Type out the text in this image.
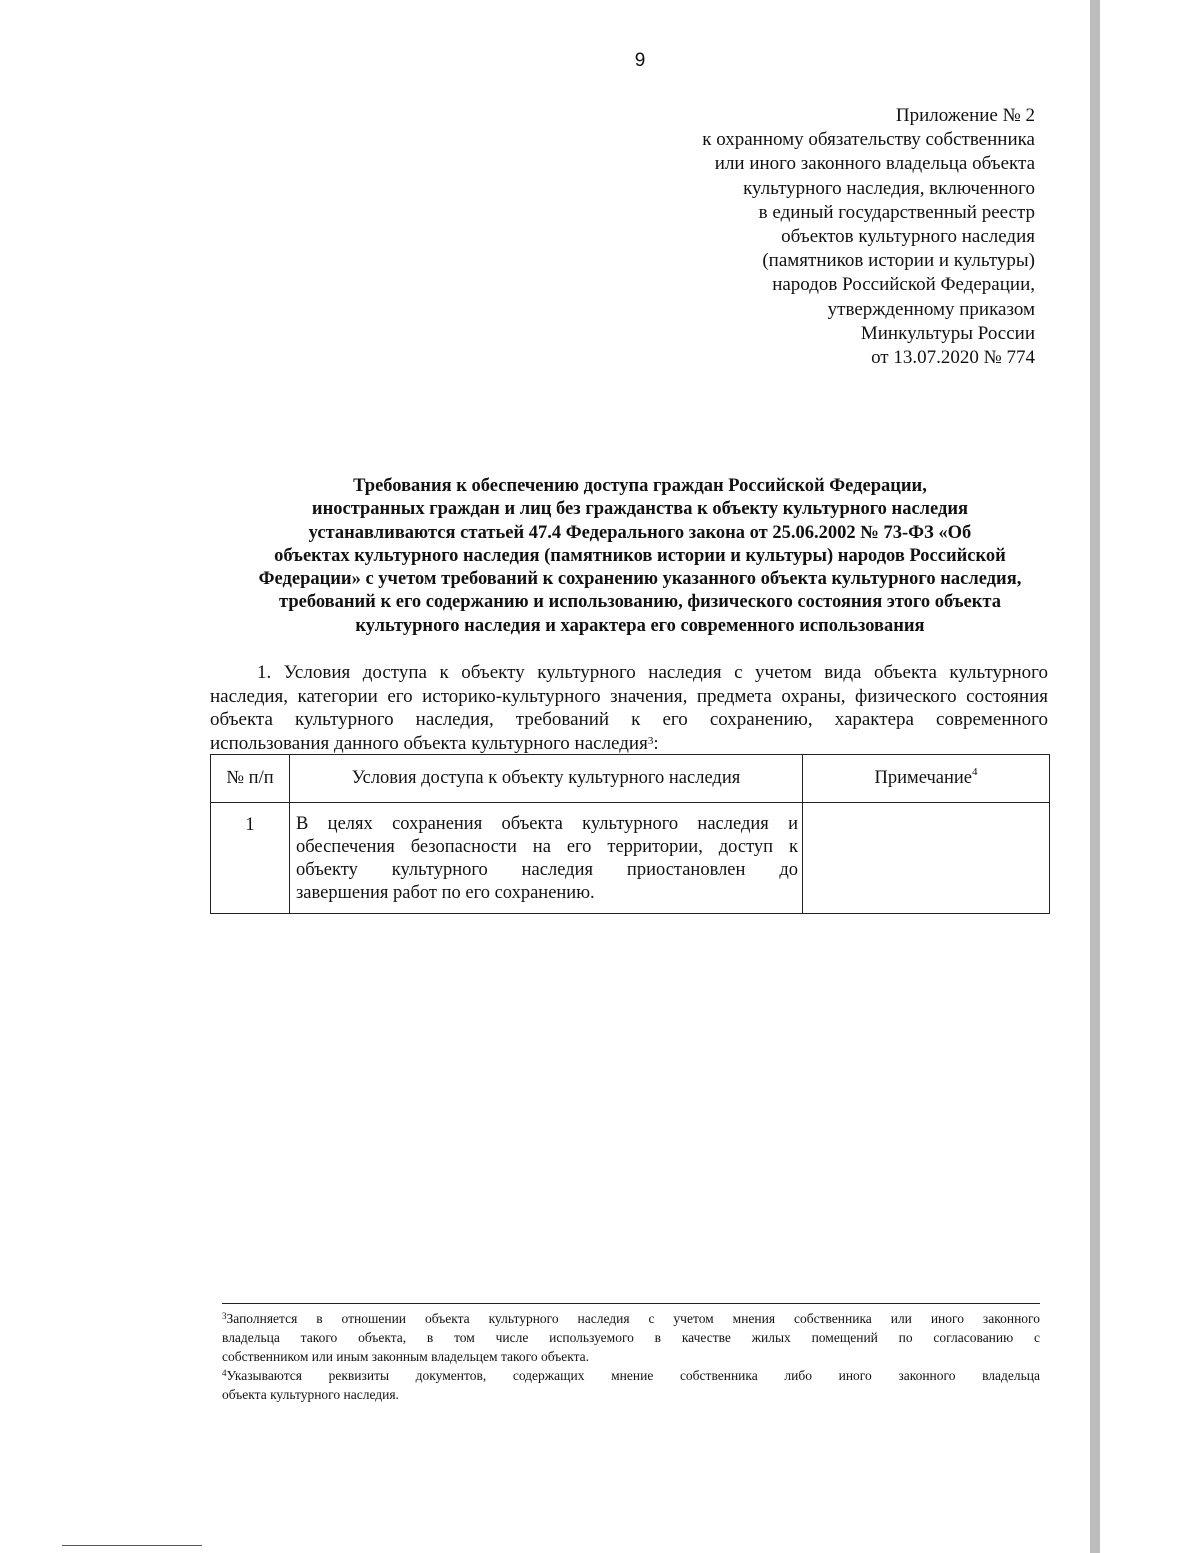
9
Приложение № 2
к охранному обязательству собственника
или иного законного владельца объекта
культурного наследия, включенного
в единый государственный реестр
объектов культурного наследия
(памятников истории и культуры)
народов Российской Федерации,
утвержденному приказом
Минкультуры России
от 13.07.2020 № 774
Требования к обеспечению доступа граждан Российской Федерации,
иностранных граждан и лиц без гражданства к объекту культурного наследия
устанавливаются статьей 47.4 Федерального закона от 25.06.2002 № 73-ФЗ «Об
объектах культурного наследия (памятников истории и культуры) народов Российской
Федерации» с учетом требований к сохранению указанного объекта культурного наследия,
требований к его содержанию и использованию, физического состояния этого объекта
культурного наследия и характера его современного использования
1. Условия доступа к объекту культурного наследия с учетом вида объекта культурного
наследия, категории его историко-культурного значения, предмета охраны, физического состояния
объекта культурного наследия, требований к его сохранению, характера современного
использования данного объекта культурного наследия$^3$:
№ п/п	Условия доступа к объекту культурного наследия	Примечание$^4$
1	В целях сохранения объекта культурного наследия и
обеспечения безопасности на его территории, доступ к
объекту культурного наследия приостановлен до
завершения работ по его сохранению.	

$^3$Заполняется в отношении объекта культурного наследия с учетом мнения собственника или иного законного
владельца такого объекта, в том числе используемого в качестве жилых помещений по согласованию с
собственником или иным законным владельцем такого объекта.
$^4$Указываются реквизиты документов, содержащих мнение собственника либо иного законного владельца
объекта культурного наследия.
